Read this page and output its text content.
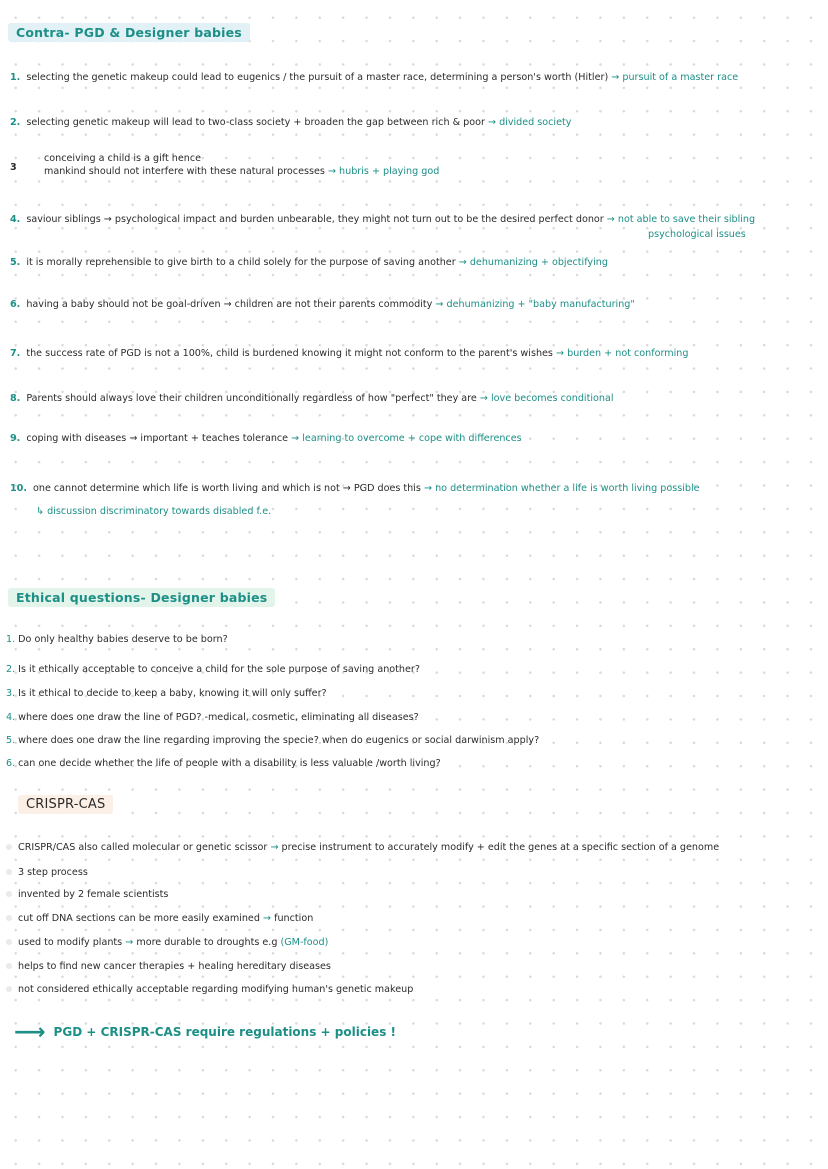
Contra- PGD & Designer babies
1. selecting the genetic makeup could lead to eugenics / the pursuit of a master race, determining a person's worth (Hitler) → pursuit of a master race
2. selecting genetic makeup will lead to two-class society + broaden the gap between rich & poor → divided society
3
conceiving a child is a gift hence
mankind should not interfere with these natural processes → hubris + playing god
4. saviour siblings → psychological impact and burden unbearable, they might not turn out to be the desired perfect donor → not able to save their sibling
psychological issues
5. it is morally reprehensible to give birth to a child solely for the purpose of saving another → dehumanizing + objectifying
6. having a baby should not be goal-driven → children are not their parents commodity → dehumanizing + "baby manufacturing"
7. the success rate of PGD is not a 100%, child is burdened knowing it might not conform to the parent's wishes → burden + not conforming
8. Parents should always love their children unconditionally regardless of how "perfect" they are → love becomes conditional
9. coping with diseases → important + teaches tolerance → learning to overcome + cope with differences
10. one cannot determine which life is worth living and which is not → PGD does this → no determination whether a life is worth living possible
↳ discussion discriminatory towards disabled f.e.
Ethical questions- Designer babies
1. Do only healthy babies deserve to be born?
2. Is it ethically acceptable to conceive a child for the sole purpose of saving another?
3. Is it ethical to decide to keep a baby, knowing it will only suffer?
4. where does one draw the line of PGD? -medical, cosmetic, eliminating all diseases?
5. where does one draw the line regarding improving the specie? when do eugenics or social darwinism apply?
6. can one decide whether the life of people with a disability is less valuable /worth living?
CRISPR-CAS
CRISPR/CAS also called molecular or genetic scissor → precise instrument to accurately modify + edit the genes at a specific section of a genome
3 step process
invented by 2 female scientists
cut off DNA sections can be more easily examined → function
used to modify plants → more durable to droughts e.g (GM-food)
helps to find new cancer therapies + healing hereditary diseases
not considered ethically acceptable regarding modifying human's genetic makeup
⟶ PGD + CRISPR-CAS require regulations + policies !
